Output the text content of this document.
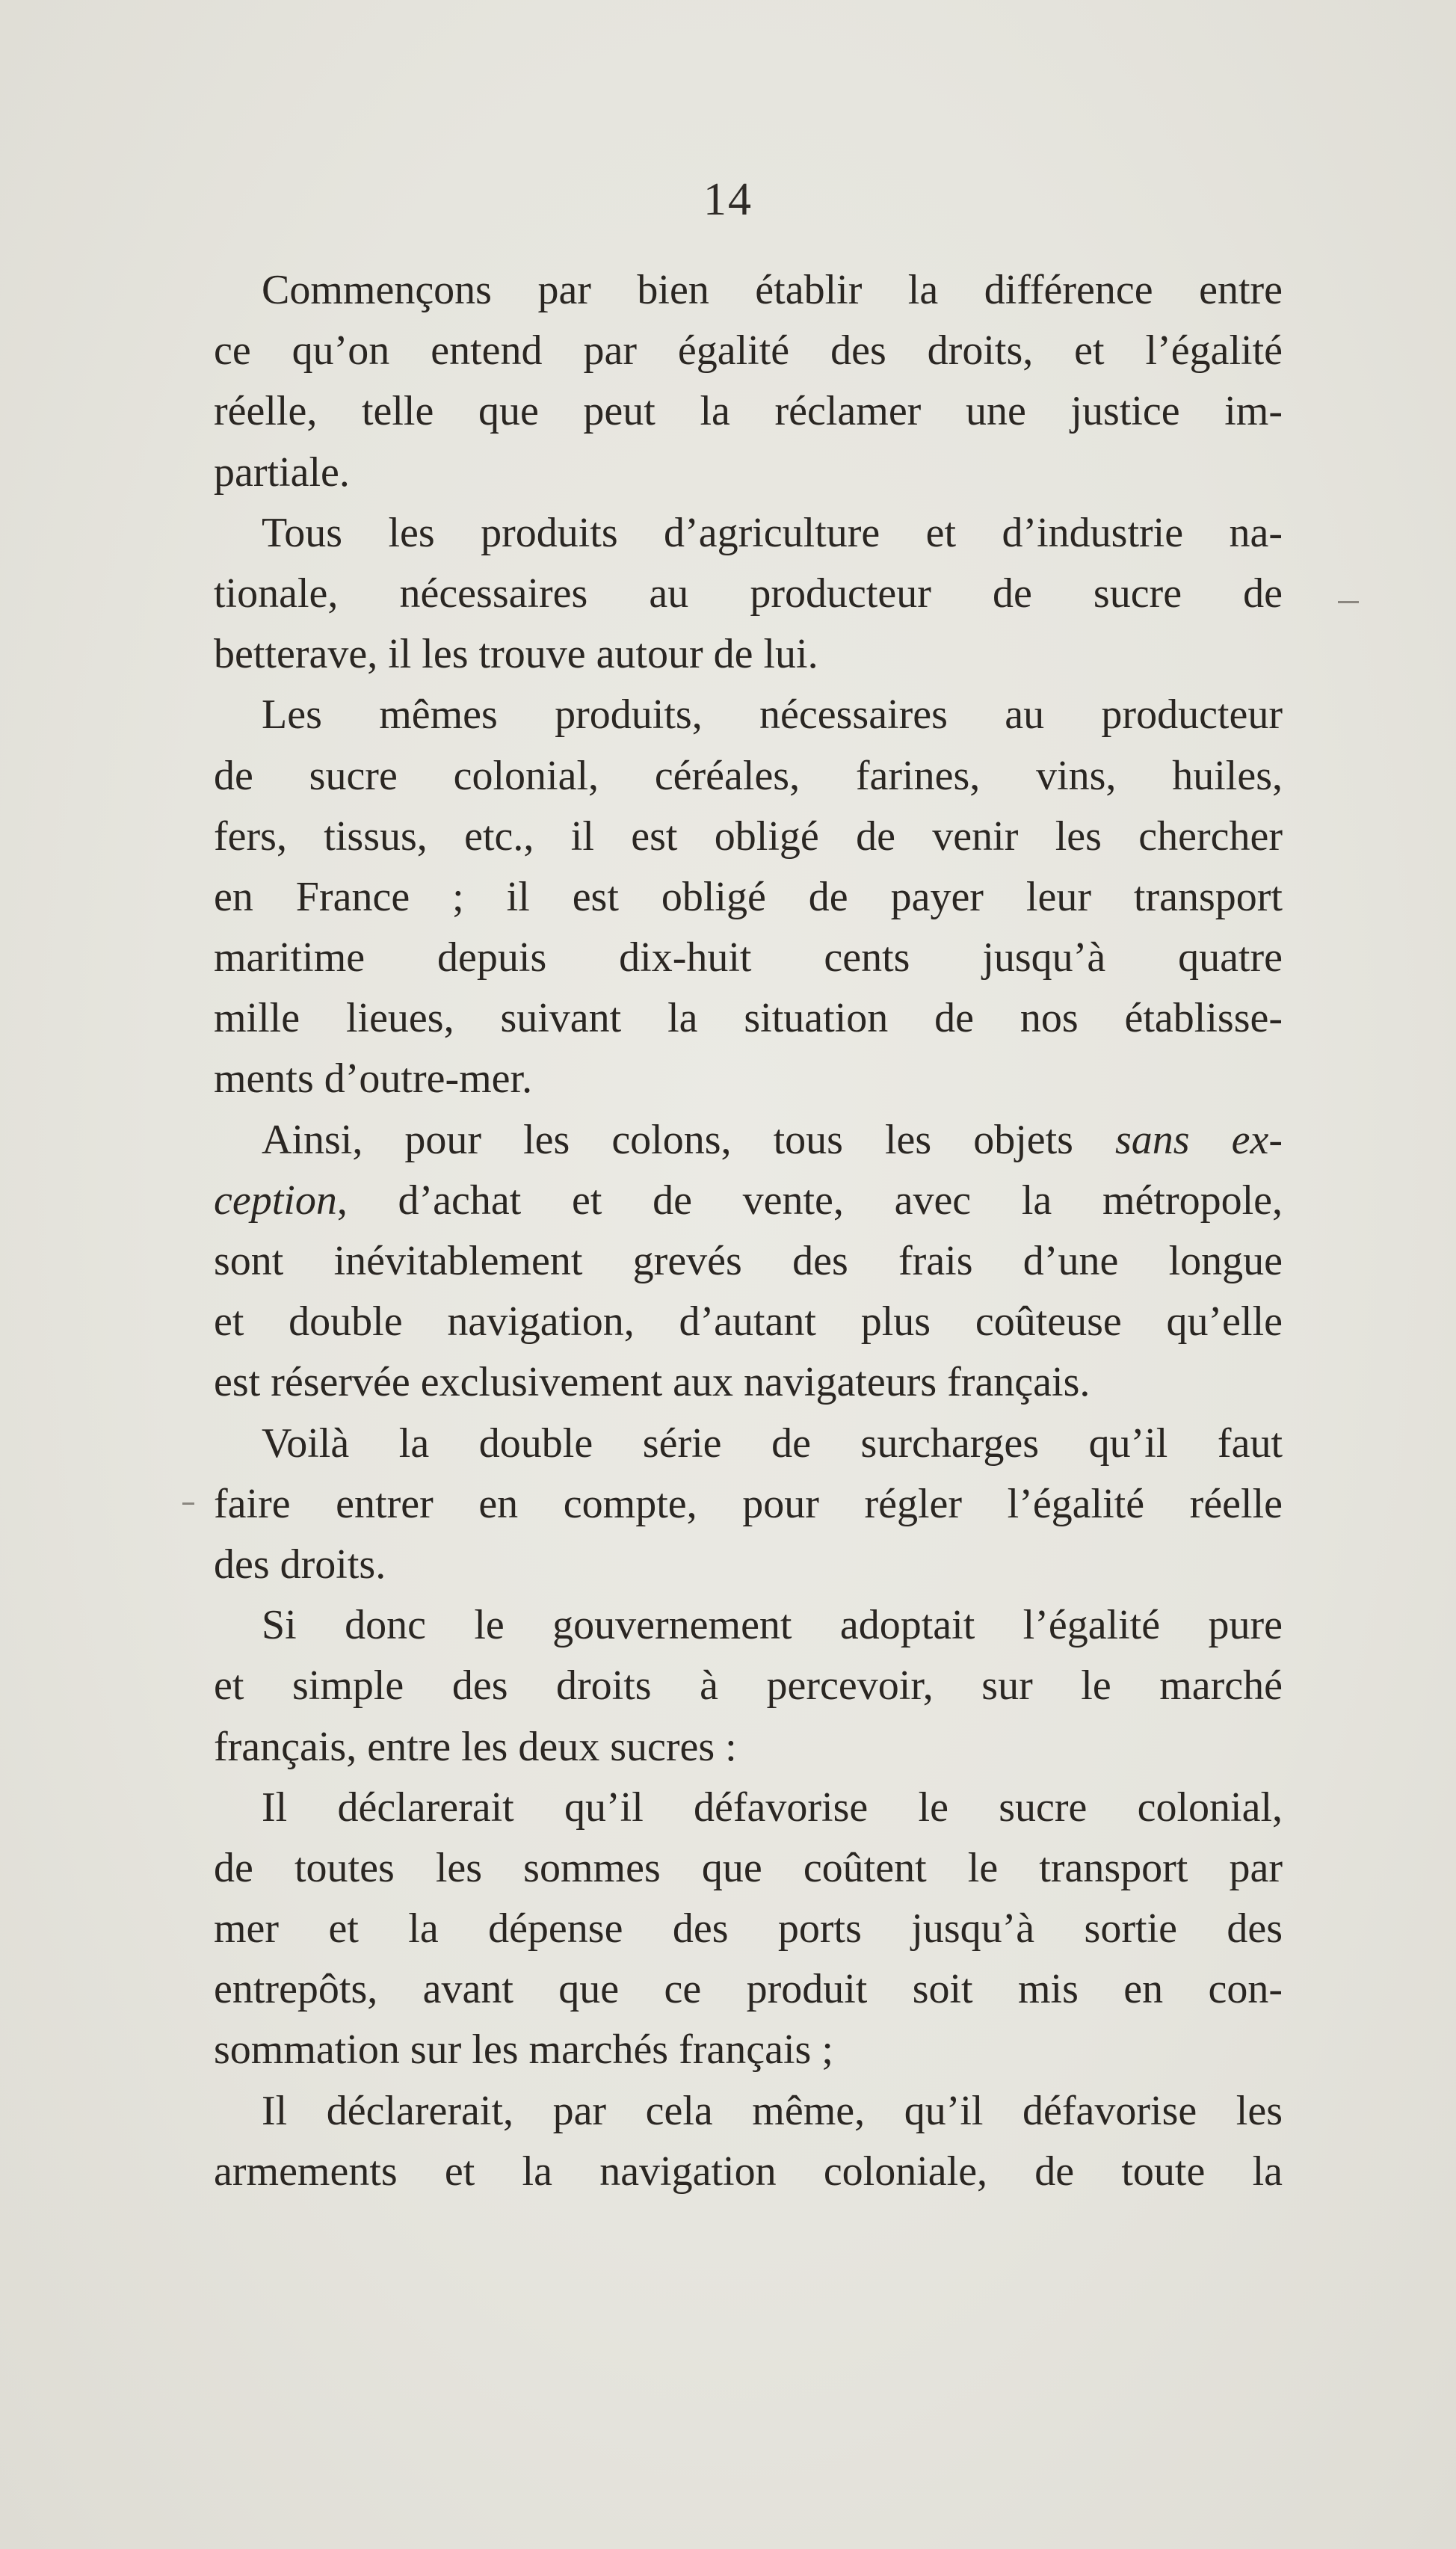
14

Commençons par bien établir la différence entre
ce qu’on entend par égalité des droits, et l’égalité
réelle, telle que peut la réclamer une justice im-
partiale.

Tous les produits d’agriculture et d’industrie na-
tionale, nécessaires au producteur de sucre de
betterave, il les trouve autour de lui.

Les mêmes produits, nécessaires au producteur
de sucre colonial, céréales, farines, vins, huiles,
fers, tissus, etc., il est obligé de venir les chercher
en France ; il est obligé de payer leur transport
maritime depuis dix-huit cents jusqu’à quatre
mille lieues, suivant la situation de nos établisse-
ments d’outre-mer.

Ainsi, pour les colons, tous les objets sans ex-
ception, d’achat et de vente, avec la métropole,
sont inévitablement grevés des frais d’une longue
et double navigation, d’autant plus coûteuse qu’elle
est réservée exclusivement aux navigateurs français.

Voilà la double série de surcharges qu’il faut
faire entrer en compte, pour régler l’égalité réelle
des droits.

Si donc le gouvernement adoptait l’égalité pure
et simple des droits à percevoir, sur le marché
français, entre les deux sucres :

Il déclarerait qu’il défavorise le sucre colonial,
de toutes les sommes que coûtent le transport par
mer et la dépense des ports jusqu’à sortie des
entrepôts, avant que ce produit soit mis en con-
sommation sur les marchés français ;

Il déclarerait, par cela même, qu’il défavorise les
armements et la navigation coloniale, de toute la
